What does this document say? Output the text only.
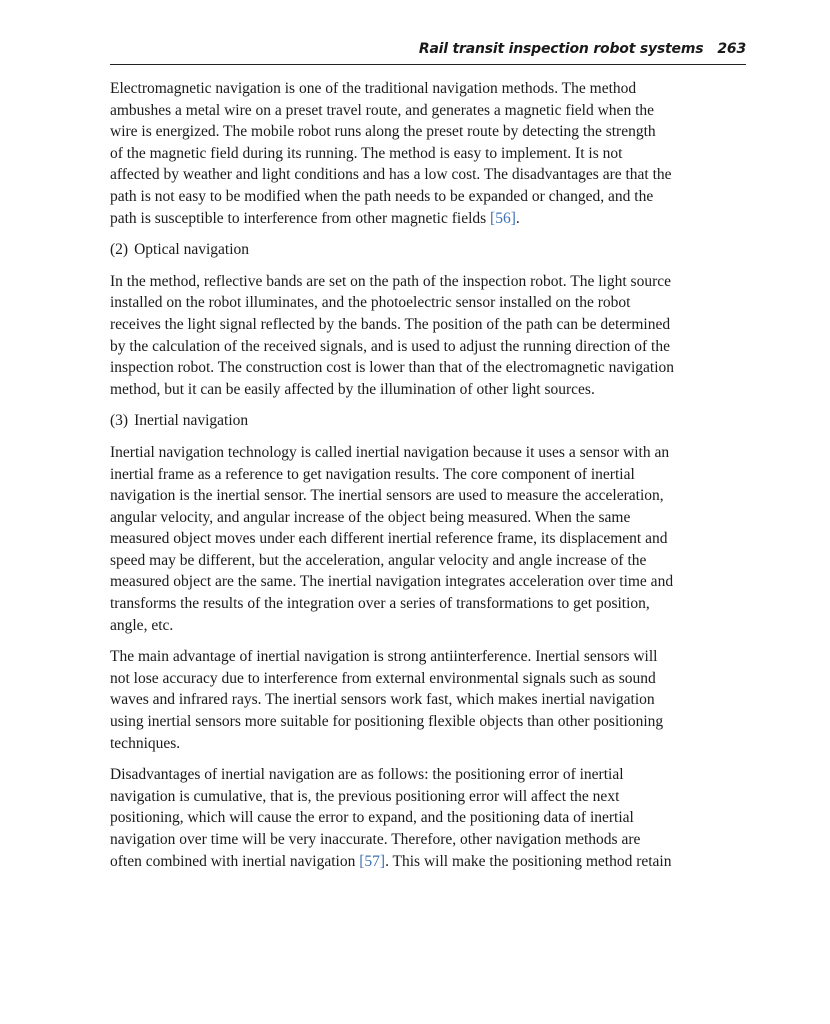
Rail transit inspection robot systems 263

Electromagnetic navigation is one of the traditional navigation methods. The method
ambushes a metal wire on a preset travel route, and generates a magnetic field when the
wire is energized. The mobile robot runs along the preset route by detecting the strength
of the magnetic field during its running. The method is easy to implement. It is not
affected by weather and light conditions and has a low cost. The disadvantages are that the
path is not easy to be modified when the path needs to be expanded or changed, and the
path is susceptible to interference from other magnetic fields [56].

(2) Optical navigation

In the method, reflective bands are set on the path of the inspection robot. The light source
installed on the robot illuminates, and the photoelectric sensor installed on the robot
receives the light signal reflected by the bands. The position of the path can be determined
by the calculation of the received signals, and is used to adjust the running direction of the
inspection robot. The construction cost is lower than that of the electromagnetic navigation
method, but it can be easily affected by the illumination of other light sources.

(3) Inertial navigation

Inertial navigation technology is called inertial navigation because it uses a sensor with an
inertial frame as a reference to get navigation results. The core component of inertial
navigation is the inertial sensor. The inertial sensors are used to measure the acceleration,
angular velocity, and angular increase of the object being measured. When the same
measured object moves under each different inertial reference frame, its displacement and
speed may be different, but the acceleration, angular velocity and angle increase of the
measured object are the same. The inertial navigation integrates acceleration over time and
transforms the results of the integration over a series of transformations to get position,
angle, etc.

The main advantage of inertial navigation is strong antiinterference. Inertial sensors will
not lose accuracy due to interference from external environmental signals such as sound
waves and infrared rays. The inertial sensors work fast, which makes inertial navigation
using inertial sensors more suitable for positioning flexible objects than other positioning
techniques.

Disadvantages of inertial navigation are as follows: the positioning error of inertial
navigation is cumulative, that is, the previous positioning error will affect the next
positioning, which will cause the error to expand, and the positioning data of inertial
navigation over time will be very inaccurate. Therefore, other navigation methods are
often combined with inertial navigation [57]. This will make the positioning method retain
